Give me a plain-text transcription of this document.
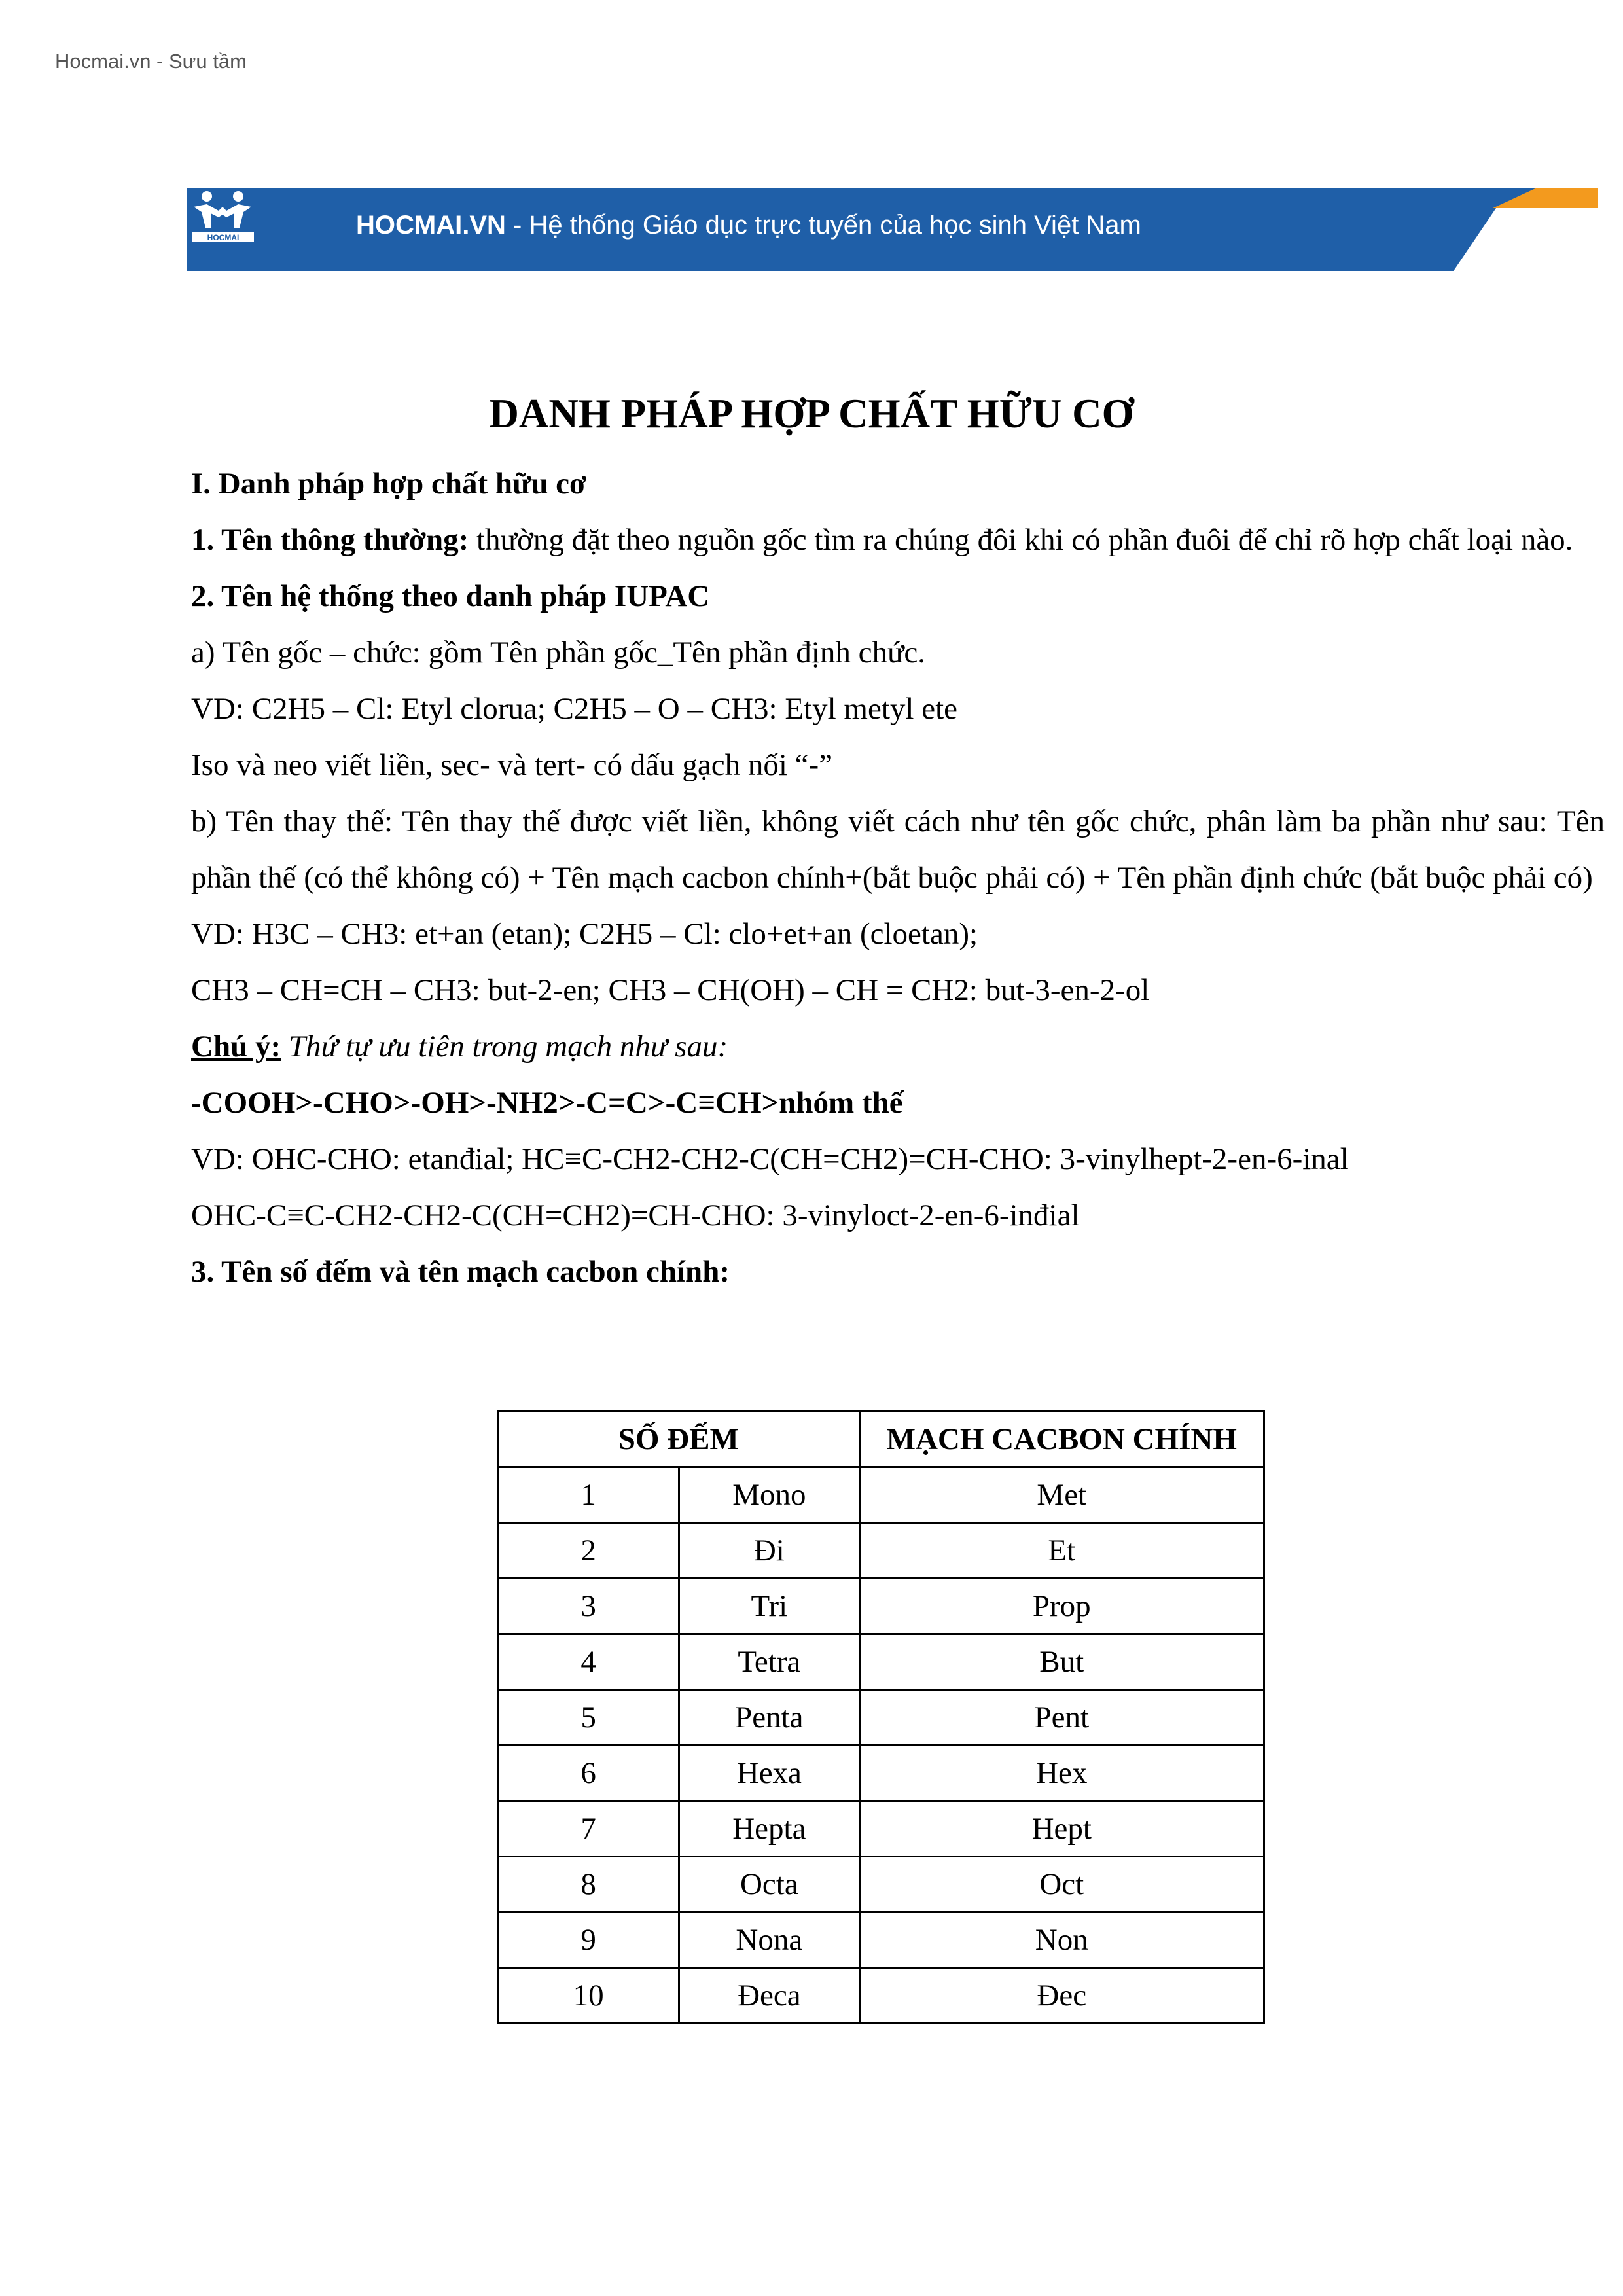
Hocmai.vn - Sưu tầm
HOCMAI	HOCMAI.VN - Hệ thống Giáo dục trực tuyến của học sinh Việt Nam
DANH PHÁP HỢP CHẤT HỮU CƠ

I. Danh pháp hợp chất hữu cơ

1. Tên thông thường: thường đặt theo nguồn gốc tìm ra chúng đôi khi có phần đuôi để chỉ rõ hợp chất loại nào.

2. Tên hệ thống theo danh pháp IUPAC

a) Tên gốc – chức: gồm Tên phần gốc_Tên phần định chức.

VD: C2H5 – Cl: Etyl clorua; C2H5 – O – CH3: Etyl metyl ete

Iso và neo viết liền, sec- và tert- có dấu gạch nối “-”

b) Tên thay thế: Tên thay thế được viết liền, không viết cách như tên gốc chức, phân làm ba phần như sau: Tên phần thế (có thể không có) + Tên mạch cacbon chính+(bắt buộc phải có) + Tên phần định chức (bắt buộc phải có)

VD: H3C – CH3: et+an (etan); C2H5 – Cl: clo+et+an (cloetan);

CH3 – CH=CH – CH3: but-2-en; CH3 – CH(OH) – CH = CH2: but-3-en-2-ol

Chú ý: Thứ tự ưu tiên trong mạch như sau:

-COOH>-CHO>-OH>-NH2>-C=C>-C≡CH>nhóm thế

VD: OHC-CHO: etanđial; HC≡C-CH2-CH2-C(CH=CH2)=CH-CHO: 3-vinylhept-2-en-6-inal

OHC-C≡C-CH2-CH2-C(CH=CH2)=CH-CHO: 3-vinyloct-2-en-6-inđial

3. Tên số đếm và tên mạch cacbon chính:

SỐ ĐẾM		MẠCH CACBON CHÍNH
1	Mono	Met
2	Đi	Et
3	Tri	Prop
4	Tetra	But
5	Penta	Pent
6	Hexa	Hex
7	Hepta	Hept
8	Octa	Oct
9	Nona	Non
10	Đeca	Đec
